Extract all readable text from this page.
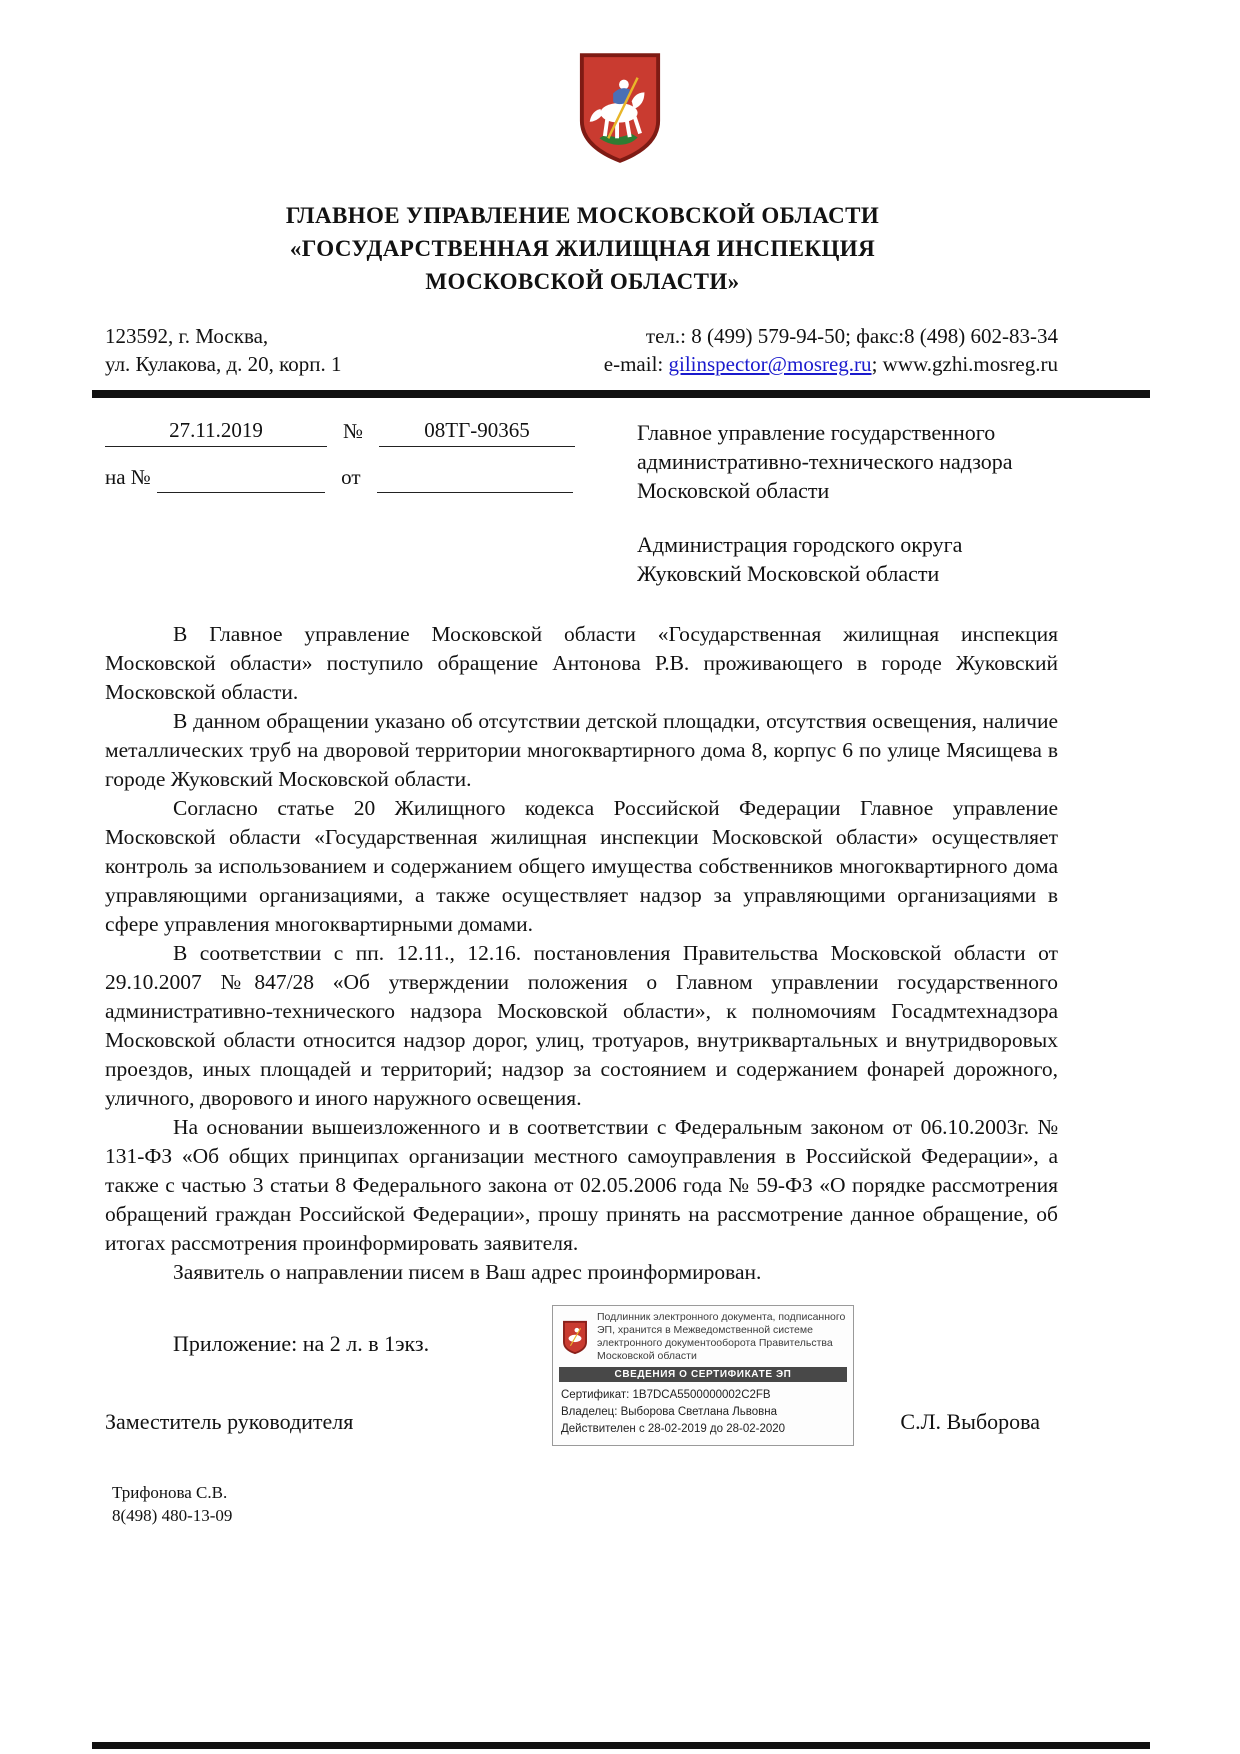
ГЛАВНОЕ УПРАВЛЕНИЕ МОСКОВСКОЙ ОБЛАСТИ
«ГОСУДАРСТВЕННАЯ ЖИЛИЩНАЯ ИНСПЕКЦИЯ
МОСКОВСКОЙ ОБЛАСТИ»
123592, г. Москва,
ул. Кулакова, д. 20, корп. 1
тел.: 8 (499) 579-94-50; факс:8 (498) 602-83-34
e-mail: gilinspector@mosreg.ru; www.gzhi.mosreg.ru
27.11.2019	№	08ТГ-90365
на №	от

Главное управление государственного административно-технического надзора Московской области

Администрация городского округа Жуковский Московской области

В Главное управление Московской области «Государственная жилищная инспекция Московской области» поступило обращение Антонова Р.В. проживающего в городе Жуковский Московской области.

В данном обращении указано об отсутствии детской площадки, отсутствия освещения, наличие металлических труб на дворовой территории многоквартирного дома 8, корпус 6 по улице Мясищева в городе Жуковский Московской области.

Согласно статье 20 Жилищного кодекса Российской Федерации Главное управление Московской области «Государственная жилищная инспекции Московской области» осуществляет контроль за использованием и содержанием общего имущества собственников многоквартирного дома управляющими организациями, а также осуществляет надзор за управляющими организациями в сфере управления многоквартирными домами.

В соответствии с пп. 12.11., 12.16. постановления Правительства Московской области от 29.10.2007 №847/28 «Об утверждении положения о Главном управлении государственного административно-технического надзора Московской области», к полномочиям Госадмтехнадзора Московской области относится надзор дорог, улиц, тротуаров, внутриквартальных и внутридворовых проездов, иных площадей и территорий; надзор за состоянием и содержанием фонарей дорожного, уличного, дворового и иного наружного освещения.

На основании вышеизложенного и в соответствии с Федеральным законом от 06.10.2003г. № 131-ФЗ «Об общих принципах организации местного самоуправления в Российской Федерации», а также с частью 3 статьи 8 Федерального закона от 02.05.2006 года № 59-ФЗ «О порядке рассмотрения обращений граждан Российской Федерации», прошу принять на рассмотрение данное обращение, об итогах рассмотрения проинформировать заявителя.

Заявитель о направлении писем в Ваш адрес проинформирован.

Приложение: на 2 л. в 1экз.
Подлинник электронного документа, подписанного ЭП, хранится в Межведомственной системе электронного документооборота Правительства Московской области
СВЕДЕНИЯ О СЕРТИФИКАТЕ ЭП
Сертификат: 1B7DCA5500000002C2FB
Владелец: Выборова Светлана Львовна
Действителен с 28-02-2019 до 28-02-2020
Заместитель руководителя	С.Л. Выборова
Трифонова С.В.
8(498) 480-13-09
